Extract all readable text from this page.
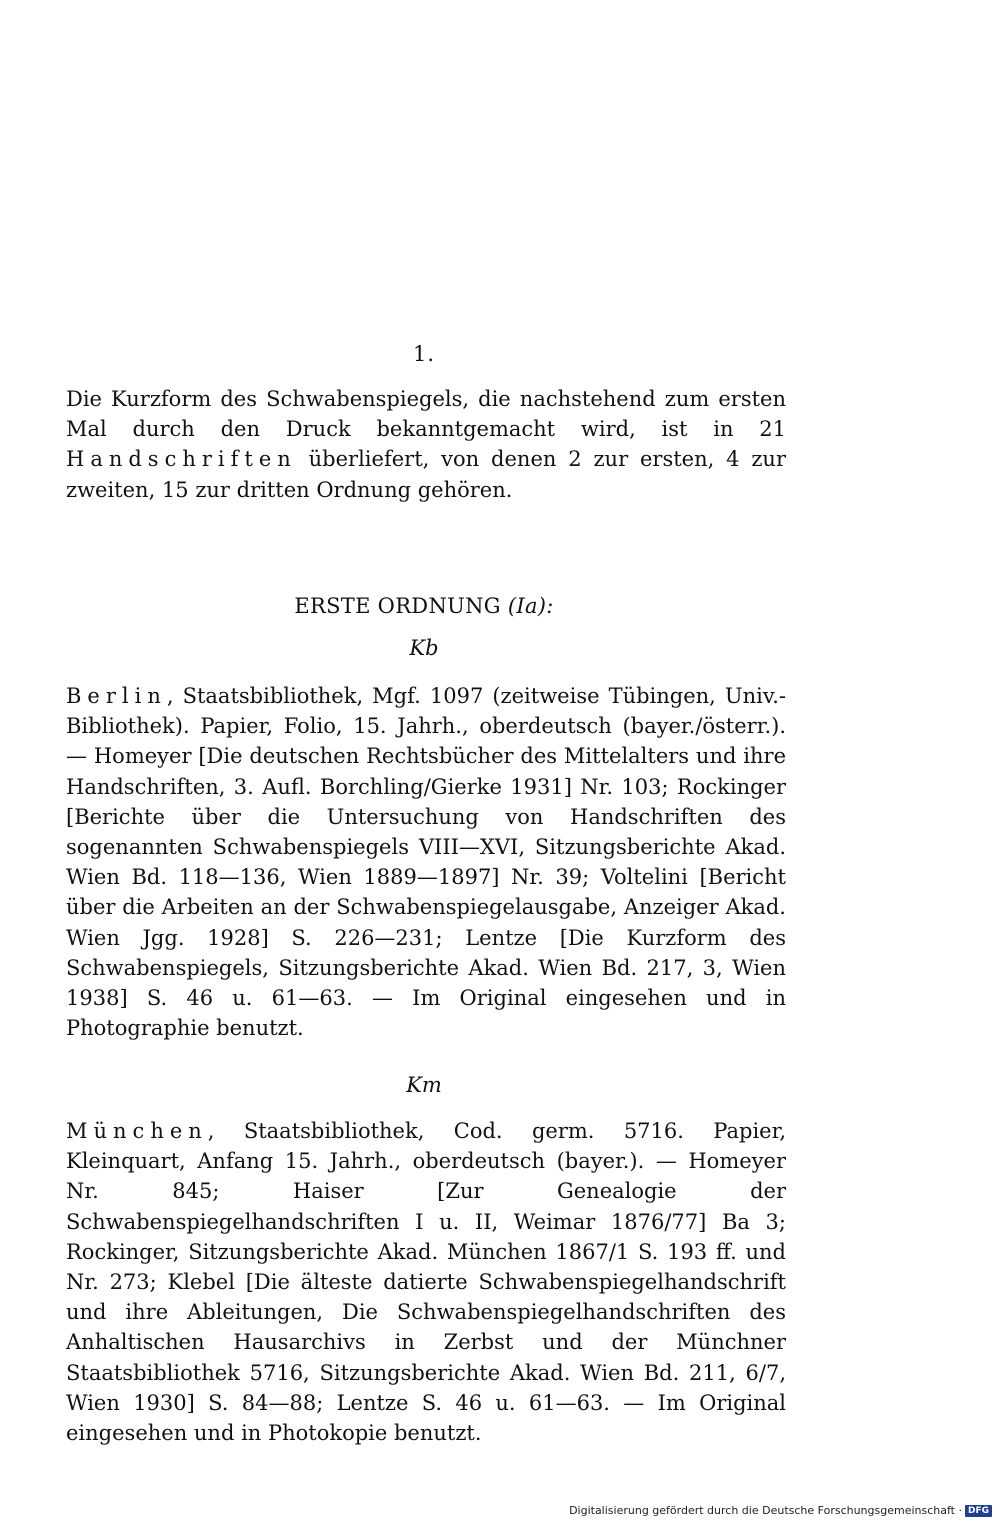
1.

Die Kurzform des Schwabenspiegels, die nachstehend zum ersten Mal durch den Druck bekanntgemacht wird, ist in 21 Handschriften überliefert, von denen 2 zur ersten, 4 zur zweiten, 15 zur dritten Ordnung gehören.

ERSTE ORDNUNG (Ia):
Kb

Berlin, Staatsbibliothek, Mgf. 1097 (zeitweise Tübingen, Univ.-Bibliothek). Papier, Folio, 15. Jahrh., oberdeutsch (bayer./österr.). — Homeyer [Die deutschen Rechtsbücher des Mittelalters und ihre Handschriften, 3. Aufl. Borchling/Gierke 1931] Nr. 103; Rockinger [Berichte über die Untersuchung von Handschriften des sogenannten Schwabenspiegels VIII—XVI, Sitzungsberichte Akad. Wien Bd. 118—136, Wien 1889—1897] Nr. 39; Voltelini [Bericht über die Arbeiten an der Schwabenspiegelausgabe, Anzeiger Akad. Wien Jgg. 1928] S. 226—231; Lentze [Die Kurzform des Schwabenspiegels, Sitzungsberichte Akad. Wien Bd. 217, 3, Wien 1938] S. 46 u. 61—63. — Im Original eingesehen und in Photographie benutzt.

Km

München, Staatsbibliothek, Cod. germ. 5716. Papier, Kleinquart, Anfang 15. Jahrh., oberdeutsch (bayer.). — Homeyer Nr. 845; Haiser [Zur Genealogie der Schwabenspiegelhandschriften I u. II, Weimar 1876/77] Ba 3; Rockinger, Sitzungsberichte Akad. München 1867/1 S. 193 ff. und Nr. 273; Klebel [Die älteste datierte Schwabenspiegelhandschrift und ihre Ableitungen, Die Schwabenspiegelhandschriften des Anhaltischen Hausarchivs in Zerbst und der Münchner Staatsbibliothek 5716, Sitzungsberichte Akad. Wien Bd. 211, 6/7, Wien 1930] S. 84—88; Lentze S. 46 u. 61—63. — Im Original eingesehen und in Photokopie benutzt.

Digitalisierung gefördert durch die Deutsche Forschungsgemeinschaft · DFG
